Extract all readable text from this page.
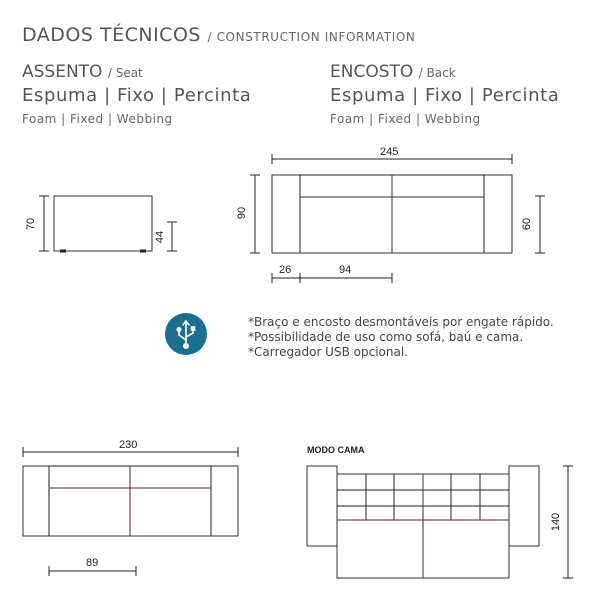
DADOS TÉCNICOS / CONSTRUCTION INFORMATION
ASSENTO / Seat
Espuma | Fixo | Percinta
Foam | Fixed | Webbing
ENCOSTO / Back
Espuma | Fixo | Percinta
Foam | Fixed | Webbing
70
44
245
90
60
26	94
230
89
140
MODO CAMA
*Braço e encosto desmontáveis por engate rápido.
*Possibilidade de uso como sofá, baú e cama.
*Carregador USB opcional.
